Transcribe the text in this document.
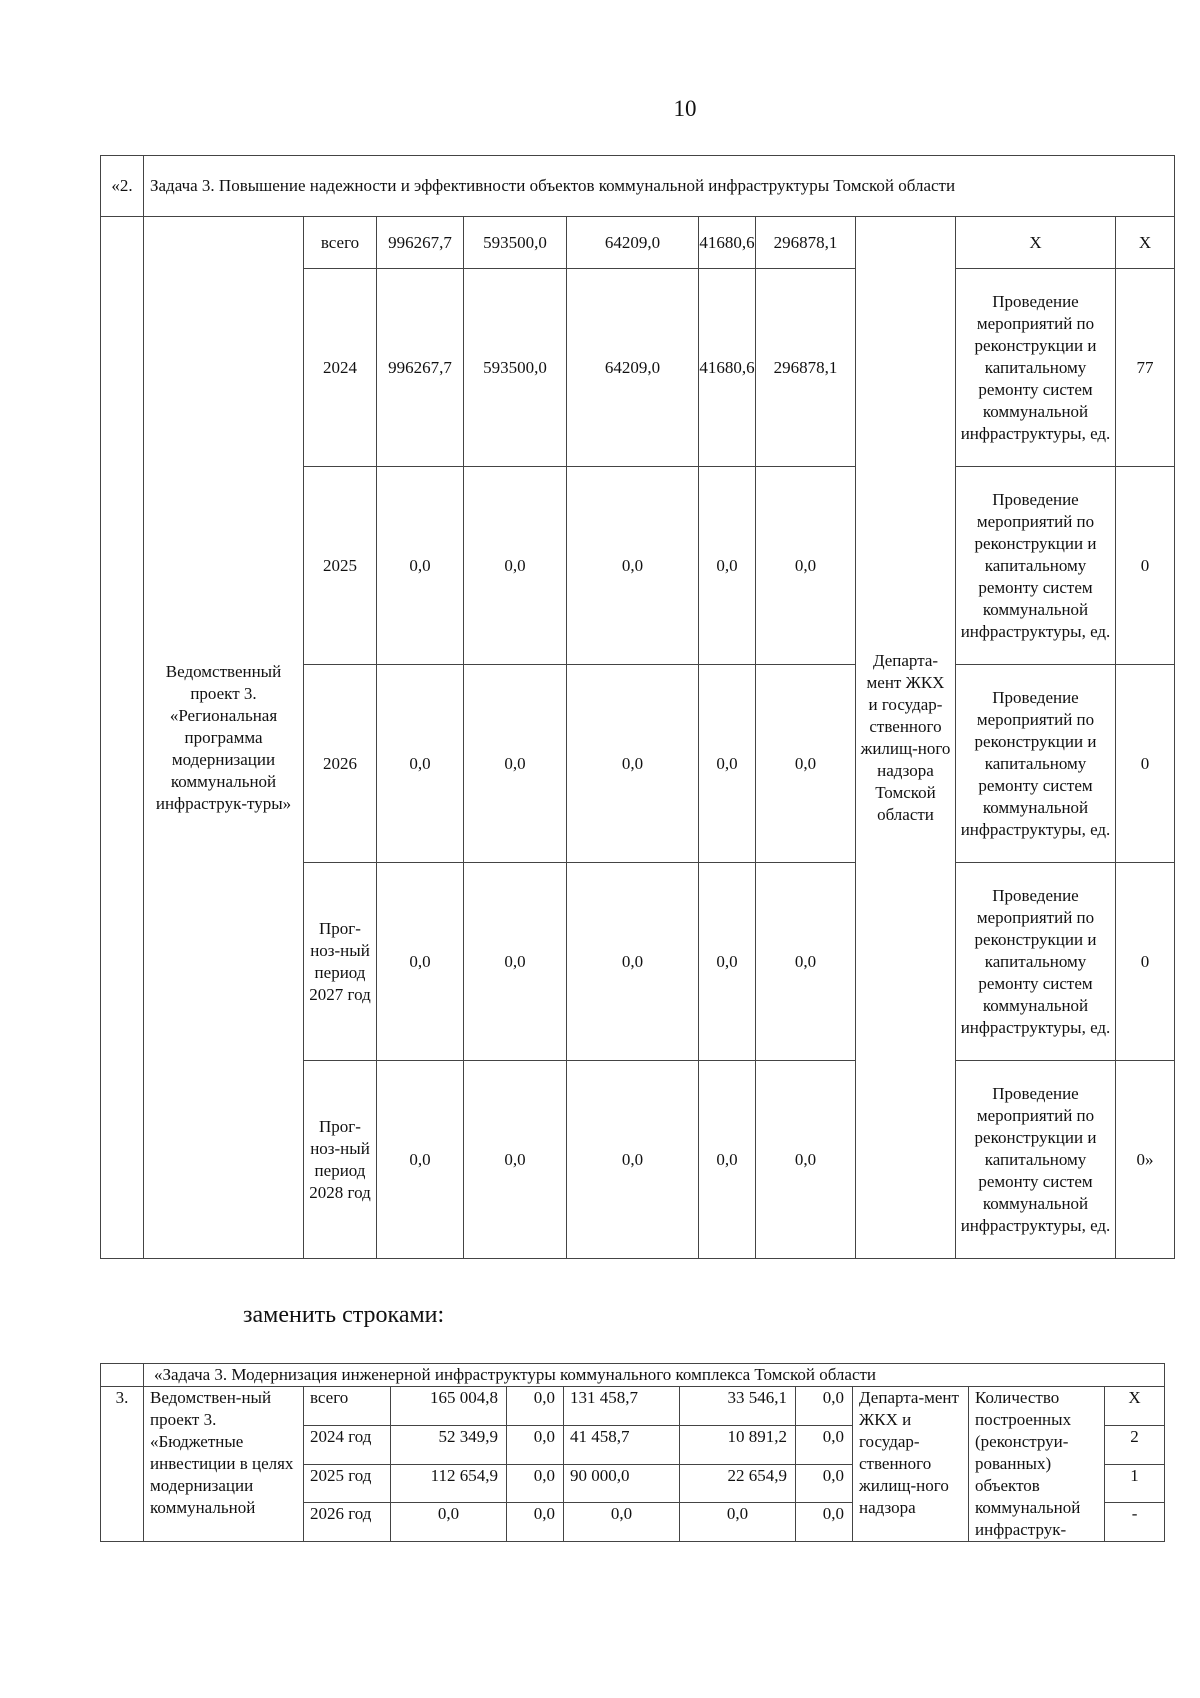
10
«2.	Задача 3. Повышение надежности и эффективности объектов коммунальной инфраструктуры Томской области									
	Ведомственный проект 3. «Региональная программа модернизации коммунальной инфраструк-туры»	всего	996267,7	593500,0	64209,0	41680,6	296878,1	Департа-мент ЖКХ и государ-ственного жилищ-ного надзора Томской области	Х	Х
		2024	996267,7	593500,0	64209,0	41680,6	296878,1		Проведение мероприятий по реконструкции и капитальному ремонту систем коммунальной инфраструктуры, ед.	77
		2025	0,0	0,0	0,0	0,0	0,0		Проведение мероприятий по реконструкции и капитальному ремонту систем коммунальной инфраструктуры, ед.	0
		2026	0,0	0,0	0,0	0,0	0,0		Проведение мероприятий по реконструкции и капитальному ремонту систем коммунальной инфраструктуры, ед.	0
		Прог-ноз-ный период 2027 год	0,0	0,0	0,0	0,0	0,0		Проведение мероприятий по реконструкции и капитальному ремонту систем коммунальной инфраструктуры, ед.	0
		Прог-ноз-ный период 2028 год	0,0	0,0	0,0	0,0	0,0		Проведение мероприятий по реконструкции и капитальному ремонту систем коммунальной инфраструктуры, ед.	0»
заменить строками:
	«Задача 3. Модернизация инженерной инфраструктуры коммунального комплекса Томской области									
3.	Ведомствен-ный проект 3. «Бюджетные инвестиции в целях модернизации коммунальной	всего	165 004,8	0,0	131 458,7	33 546,1	0,0	Департа-мент ЖКХ и государ-ственного жилищ-ного надзора	Количество построенных (реконструи-рованных) объектов коммунальной инфраструк-	Х
		2024 год	52 349,9	0,0	41 458,7	10 891,2	0,0			2
		2025 год	112 654,9	0,0	90 000,0	22 654,9	0,0			1
		2026 год	0,0	0,0	0,0	0,0	0,0			-
